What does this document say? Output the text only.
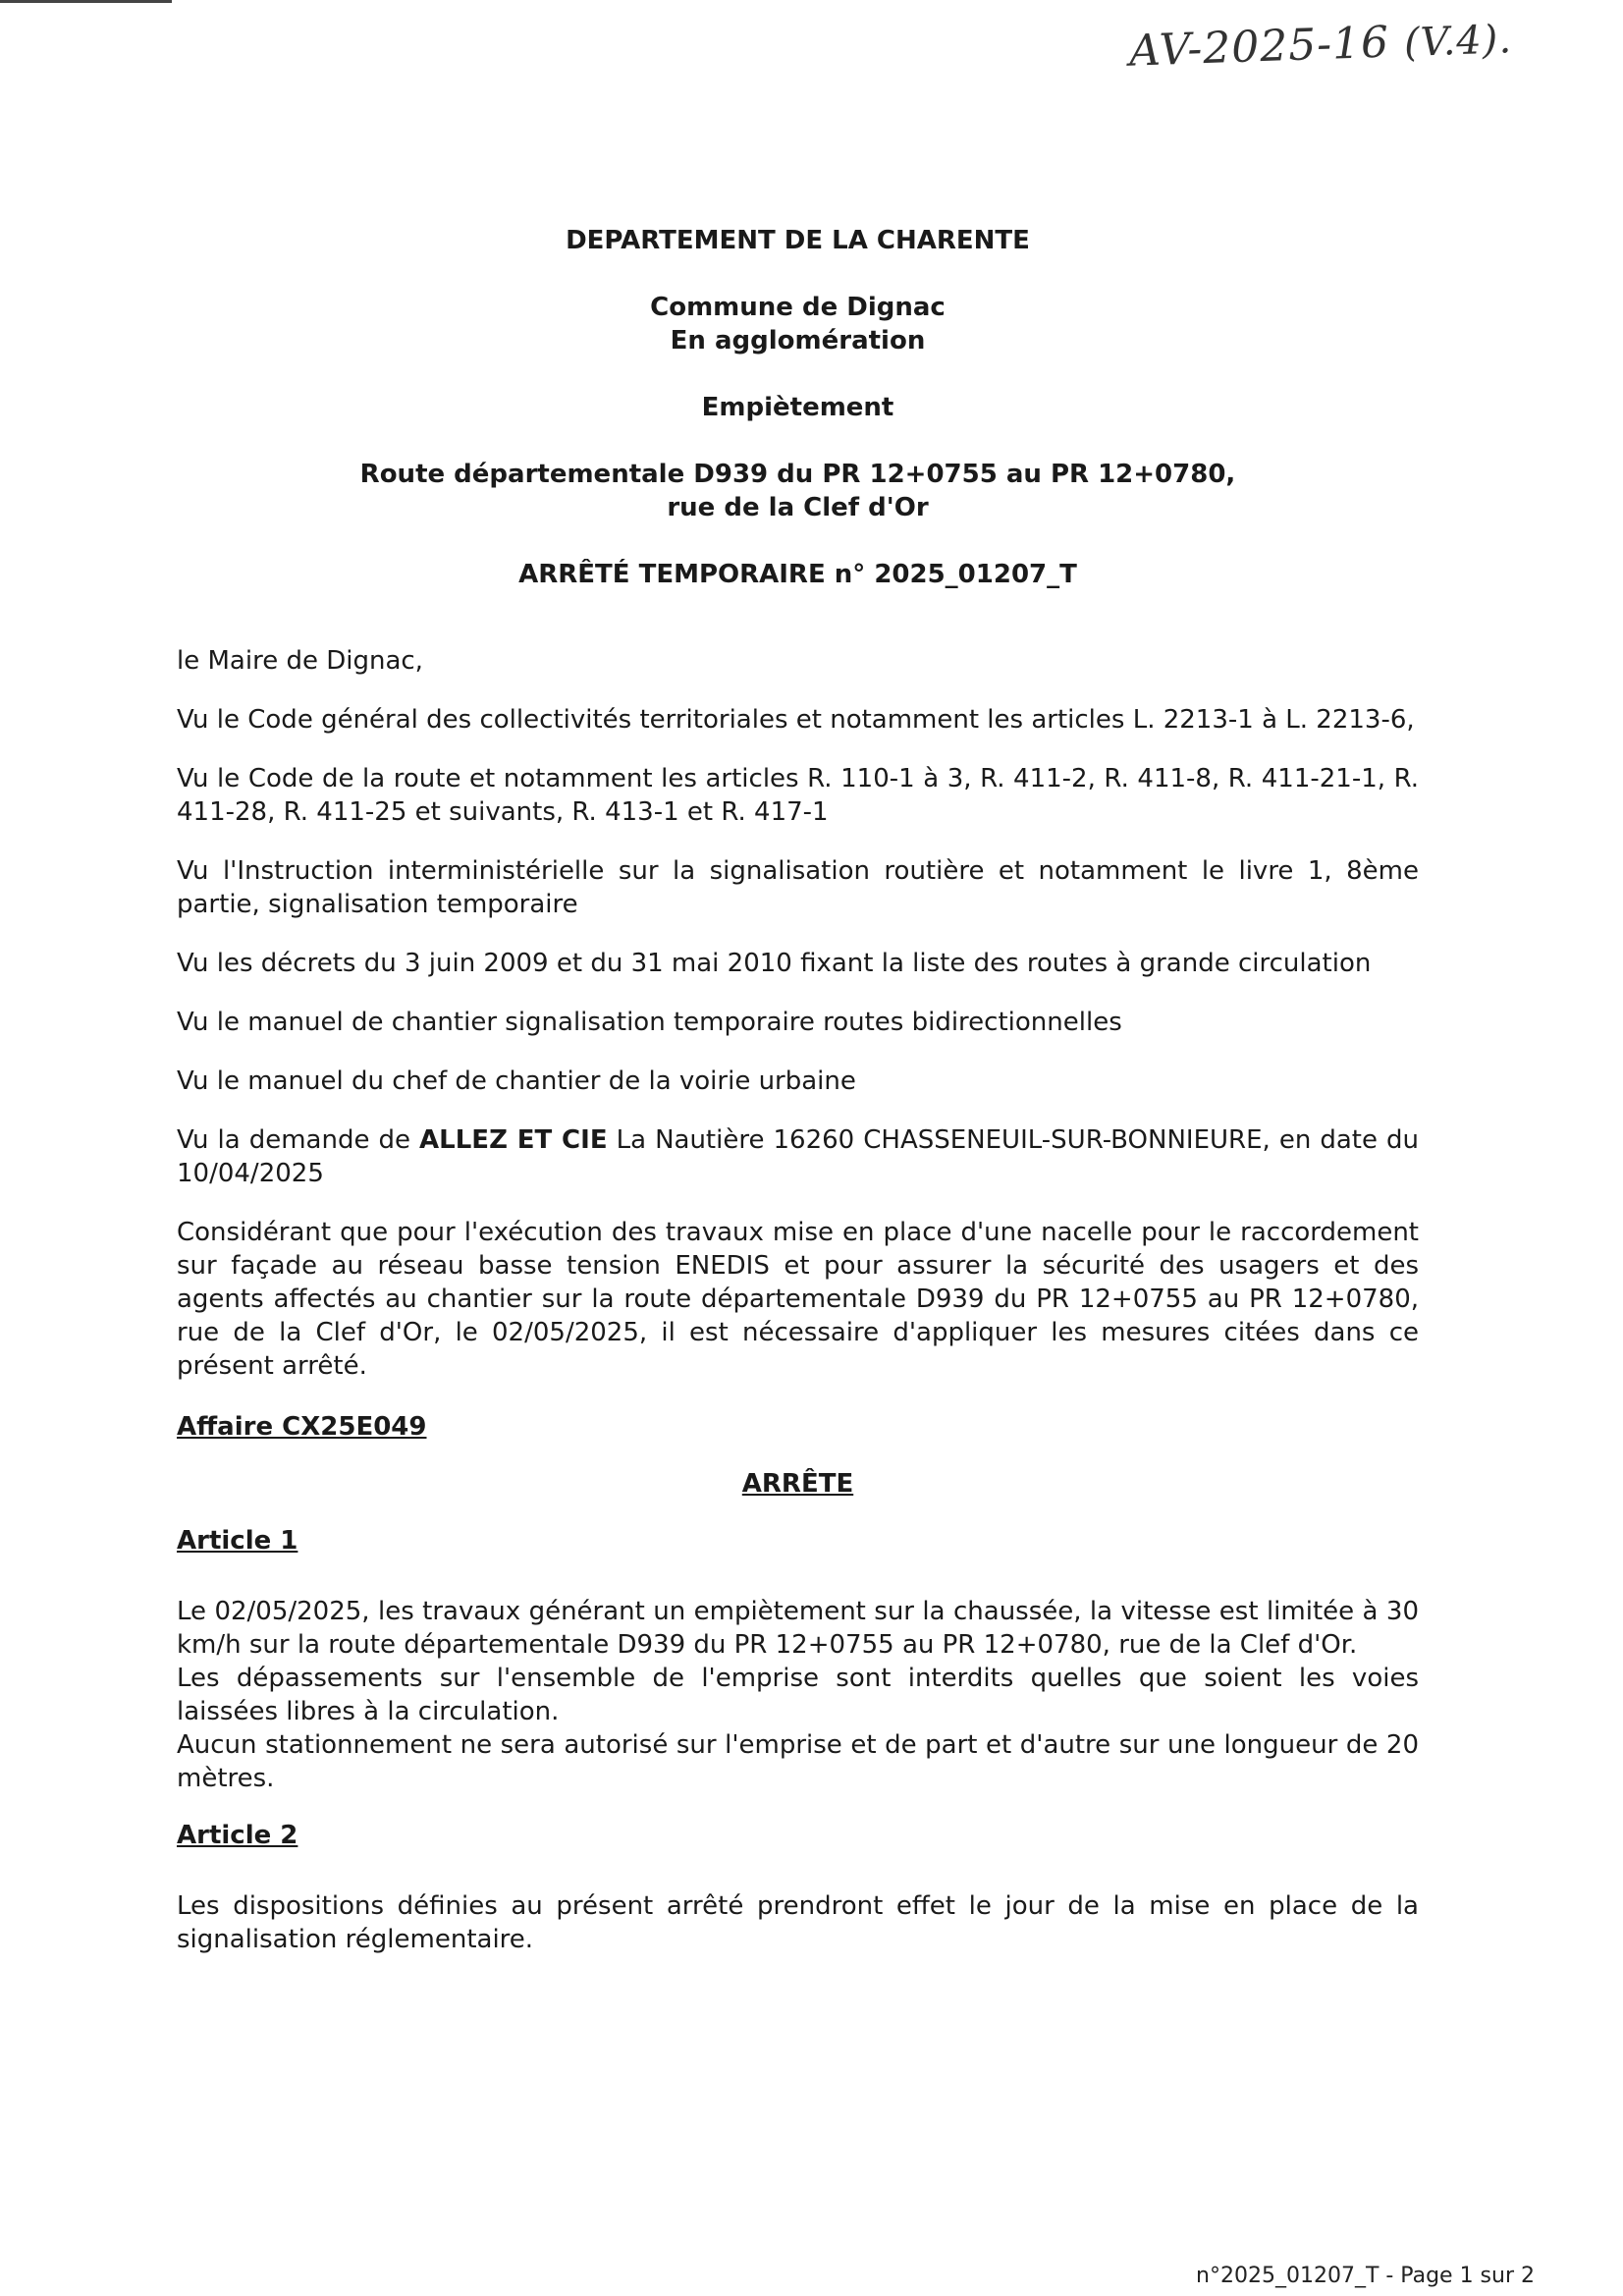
AV-2025-16 (V.4).
DEPARTEMENT DE LA CHARENTE
Commune de Dignac
En agglomération
Empiètement
Route départementale D939 du PR 12+0755 au PR 12+0780,
rue de la Clef d'Or
ARRÊTÉ TEMPORAIRE n° 2025_01207_T

le Maire de Dignac,

Vu le Code général des collectivités territoriales et notamment les articles L. 2213-1 à L. 2213-6,

Vu le Code de la route et notamment les articles R. 110-1 à 3, R. 411-2, R. 411-8, R. 411-21-1, R. 411-28, R. 411-25 et suivants, R. 413-1 et R. 417-1

Vu l'Instruction interministérielle sur la signalisation routière et notamment le livre 1, 8ème partie, signalisation temporaire

Vu les décrets du 3 juin 2009 et du 31 mai 2010 fixant la liste des routes à grande circulation

Vu le manuel de chantier signalisation temporaire routes bidirectionnelles

Vu le manuel du chef de chantier de la voirie urbaine

Vu la demande de ALLEZ ET CIE La Nautière 16260 CHASSENEUIL-SUR-BONNIEURE, en date du 10/04/2025

Considérant que pour l'exécution des travaux mise en place d'une nacelle pour le raccordement sur façade au réseau basse tension ENEDIS et pour assurer la sécurité des usagers et des agents affectés au chantier sur la route départementale D939 du PR 12+0755 au PR 12+0780, rue de la Clef d'Or, le 02/05/2025, il est nécessaire d'appliquer les mesures citées dans ce présent arrêté.

Affaire CX25E049
ARRÊTE
Article 1

Le 02/05/2025, les travaux générant un empiètement sur la chaussée, la vitesse est limitée à 30 km/h sur la route départementale D939 du PR 12+0755 au PR 12+0780, rue de la Clef d'Or.

Les dépassements sur l'ensemble de l'emprise sont interdits quelles que soient les voies laissées libres à la circulation.

Aucun stationnement ne sera autorisé sur l'emprise et de part et d'autre sur une longueur de 20 mètres.

Article 2

Les dispositions définies au présent arrêté prendront effet le jour de la mise en place de la signalisation réglementaire.

n°2025_01207_T - Page 1 sur 2
